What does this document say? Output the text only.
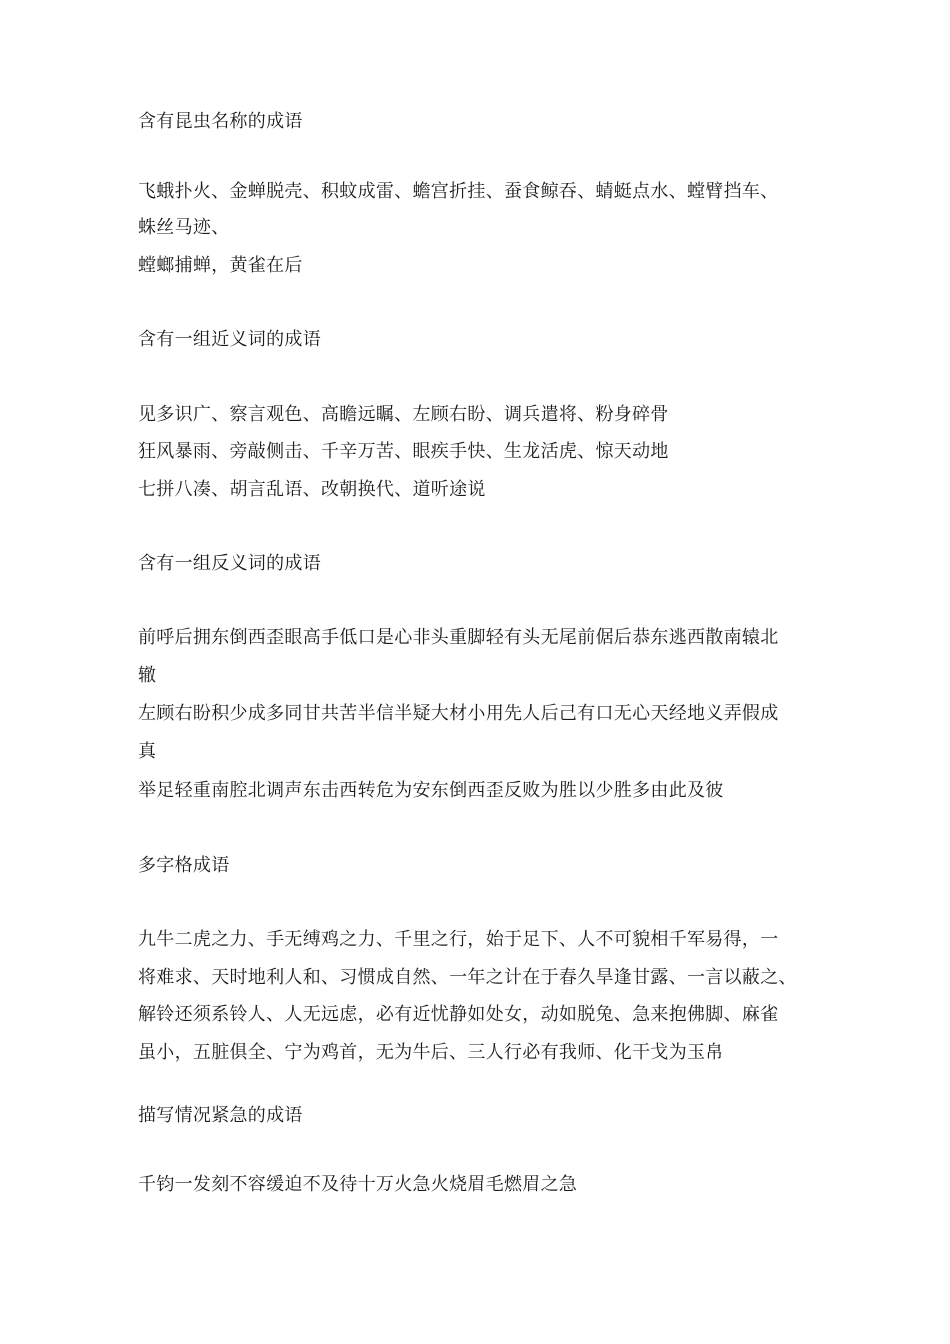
含有昆虫名称的成语

飞蛾扑火、金蝉脱壳、积蚊成雷、蟾宫折挂、蚕食鲸吞、蜻蜓点水、螳臂挡车、

蛛丝马迹、

螳螂捕蝉，黄雀在后

含有一组近义词的成语

见多识广、察言观色、高瞻远瞩、左顾右盼、调兵遣将、粉身碎骨

狂风暴雨、旁敲侧击、千辛万苦、眼疾手快、生龙活虎、惊天动地

七拼八凑、胡言乱语、改朝换代、道听途说

含有一组反义词的成语

前呼后拥东倒西歪眼高手低口是心非头重脚轻有头无尾前倨后恭东逃西散南辕北

辙

左顾右盼积少成多同甘共苦半信半疑大材小用先人后己有口无心天经地义弄假成

真

举足轻重南腔北调声东击西转危为安东倒西歪反败为胜以少胜多由此及彼

多字格成语

九牛二虎之力、手无缚鸡之力、千里之行，始于足下、人不可貌相千军易得，一

将难求、天时地利人和、习惯成自然、一年之计在于春久旱逢甘露、一言以蔽之、

解铃还须系铃人、人无远虑，必有近忧静如处女，动如脱兔、急来抱佛脚、麻雀

虽小，五脏俱全、宁为鸡首，无为牛后、三人行必有我师、化干戈为玉帛

描写情况紧急的成语

千钧一发刻不容缓迫不及待十万火急火烧眉毛燃眉之急
